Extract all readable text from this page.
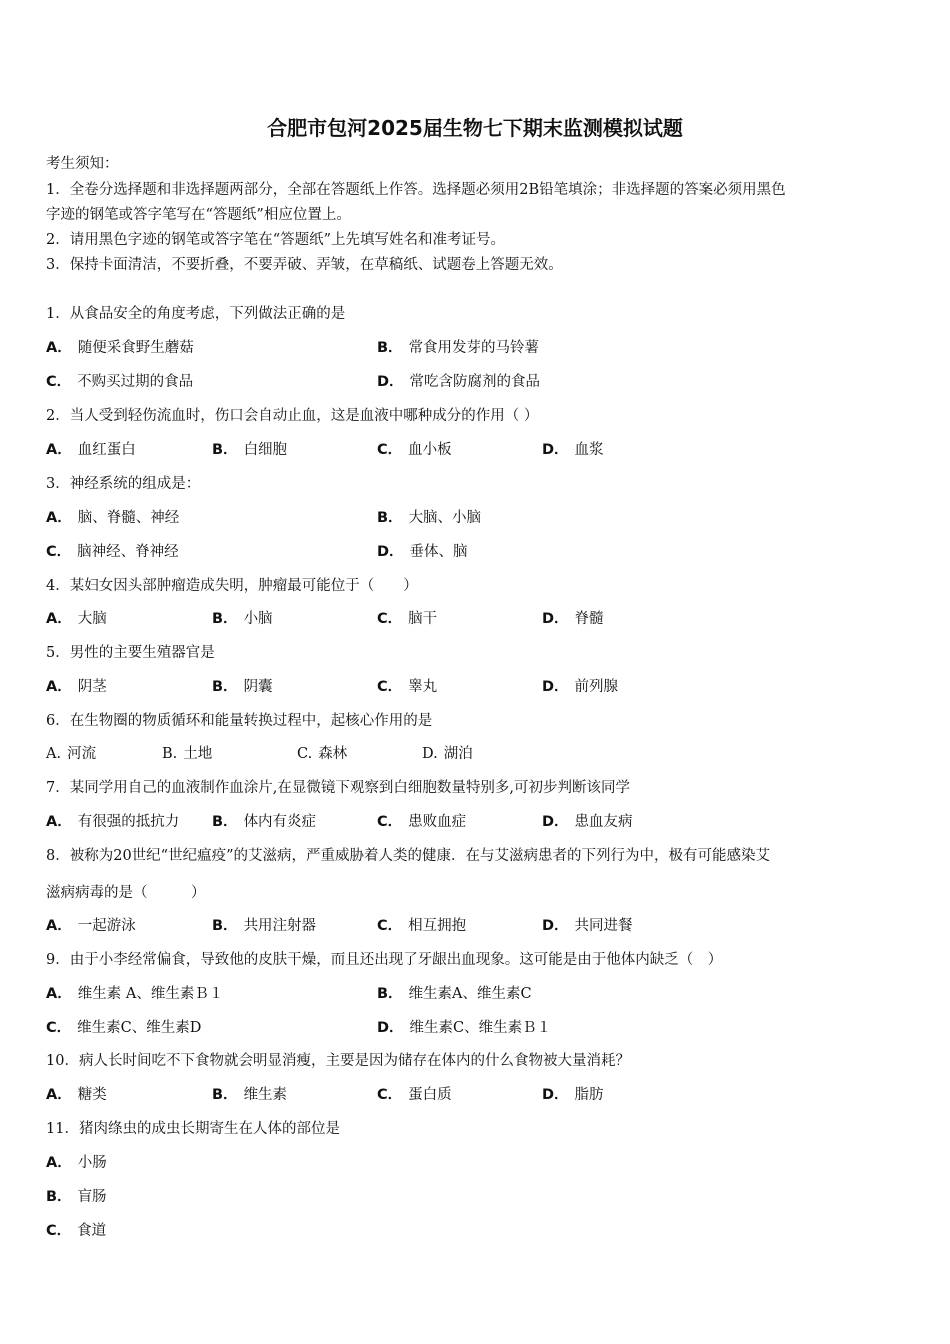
合肥市包河2025届生物七下期末监测模拟试题
考生须知：
1．全卷分选择题和非选择题两部分，全部在答题纸上作答。选择题必须用2B铅笔填涂；非选择题的答案必须用黑色
字迹的钢笔或答字笔写在“答题纸”相应位置上。
2．请用黑色字迹的钢笔或答字笔在“答题纸”上先填写姓名和准考证号。
3．保持卡面清洁，不要折叠，不要弄破、弄皱，在草稿纸、试题卷上答题无效。
1．从食品安全的角度考虑，下列做法正确的是
A． 随便采食野生蘑菇	B． 常食用发芽的马铃薯
C． 不购买过期的食品	D． 常吃含防腐剂的食品
2．当人受到轻伤流血时，伤口会自动止血，这是血液中哪种成分的作用（ ）
A． 血红蛋白	B． 白细胞	C． 血小板	D． 血浆
3．神经系统的组成是：
A． 脑、脊髓、神经	B． 大脑、小脑
C． 脑神经、脊神经	D． 垂体、脑
4．某妇女因头部肿瘤造成失明，肿瘤最可能位于（　　）
A． 大脑	B． 小脑	C． 脑干	D． 脊髓
5．男性的主要生殖器官是
A． 阴茎	B． 阴囊	C． 睾丸	D． 前列腺
6．在生物圈的物质循环和能量转换过程中，起核心作用的是
A. 河流	B. 土地	C. 森林	D. 湖泊
7．某同学用自己的血液制作血涂片,在显微镜下观察到白细胞数量特别多,可初步判断该同学
A． 有很强的抵抗力 B． 体内有炎症	C． 患败血症	D． 患血友病
8．被称为20世纪“世纪瘟疫”的艾滋病，严重威胁着人类的健康．在与艾滋病患者的下列行为中，极有可能感染艾
滋病病毒的是（　　　）
A． 一起游泳	B． 共用注射器	C． 相互拥抱	D． 共同进餐
9．由于小李经常偏食，导致他的皮肤干燥，而且还出现了牙龈出血现象。这可能是由于他体内缺乏（　）
A． 维生素 A、维生素Ｂ１	B． 维生素A、维生素C
C． 维生素C、维生素D	D． 维生素C、维生素Ｂ１
10．病人长时间吃不下食物就会明显消瘦，主要是因为储存在体内的什么食物被大量消耗？
A． 糖类	B． 维生素	C． 蛋白质	D． 脂肪
11．猪肉绦虫的成虫长期寄生在人体的部位是
A． 小肠
B． 盲肠
C． 食道
